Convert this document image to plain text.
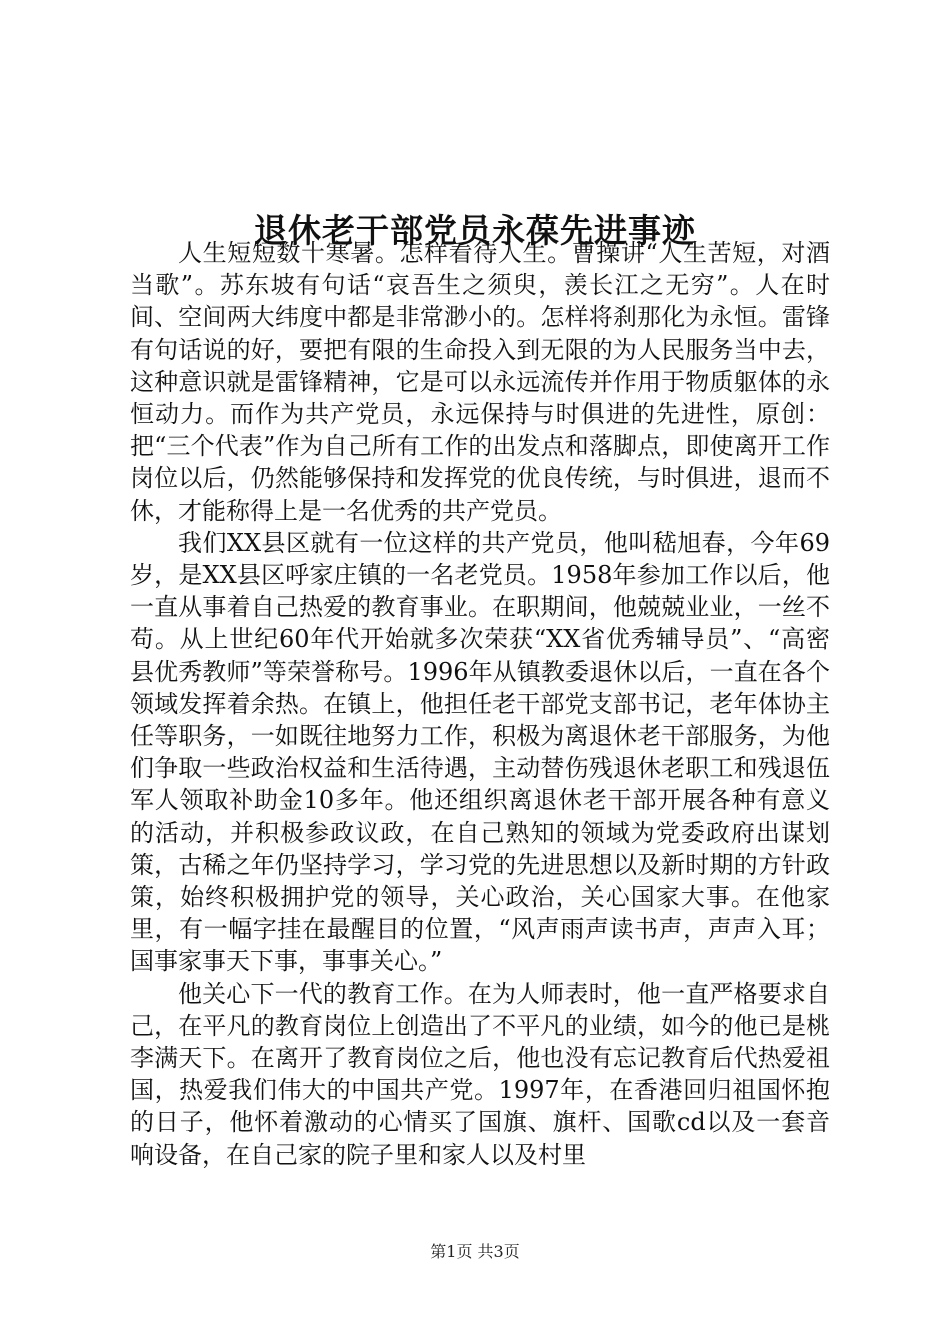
退休老干部党员永葆先进事迹

人生短短数十寒暑。怎样看待人生。曹操讲“人生苦短，对酒当歌”。苏东坡有句话“哀吾生之须臾，羡长江之无穷”。人在时间、空间两大纬度中都是非常渺小的。怎样将刹那化为永恒。雷锋有句话说的好，要把有限的生命投入到无限的为人民服务当中去，这种意识就是雷锋精神，它是可以永远流传并作用于物质躯体的永恒动力。而作为共产党员，永远保持与时俱进的先进性，原创：把“三个代表”作为自己所有工作的出发点和落脚点，即使离开工作岗位以后，仍然能够保持和发挥党的优良传统，与时俱进，退而不休，才能称得上是一名优秀的共产党员。

我们XX县区就有一位这样的共产党员，他叫嵇旭春，今年69岁，是XX县区呼家庄镇的一名老党员。1958年参加工作以后，他一直从事着自己热爱的教育事业。在职期间，他兢兢业业，一丝不苟。从上世纪60年代开始就多次荣获“XX省优秀辅导员”、“高密县优秀教师”等荣誉称号。1996年从镇教委退休以后，一直在各个领域发挥着余热。在镇上，他担任老干部党支部书记，老年体协主任等职务，一如既往地努力工作，积极为离退休老干部服务，为他们争取一些政治权益和生活待遇，主动替伤残退休老职工和残退伍军人领取补助金10多年。他还组织离退休老干部开展各种有意义的活动，并积极参政议政，在自己熟知的领域为党委政府出谋划策，古稀之年仍坚持学习，学习党的先进思想以及新时期的方针政策，始终积极拥护党的领导，关心政治，关心国家大事。在他家里，有一幅字挂在最醒目的位置，“风声雨声读书声，声声入耳；国事家事天下事，事事关心。”

他关心下一代的教育工作。在为人师表时，他一直严格要求自己，在平凡的教育岗位上创造出了不平凡的业绩，如今的他已是桃李满天下。在离开了教育岗位之后，他也没有忘记教育后代热爱祖国，热爱我们伟大的中国共产党。1997年，在香港回归祖国怀抱的日子，他怀着激动的心情买了国旗、旗杆、国歌cd以及一套音响设备，在自己家的院子里和家人以及村里

第1页 共3页
